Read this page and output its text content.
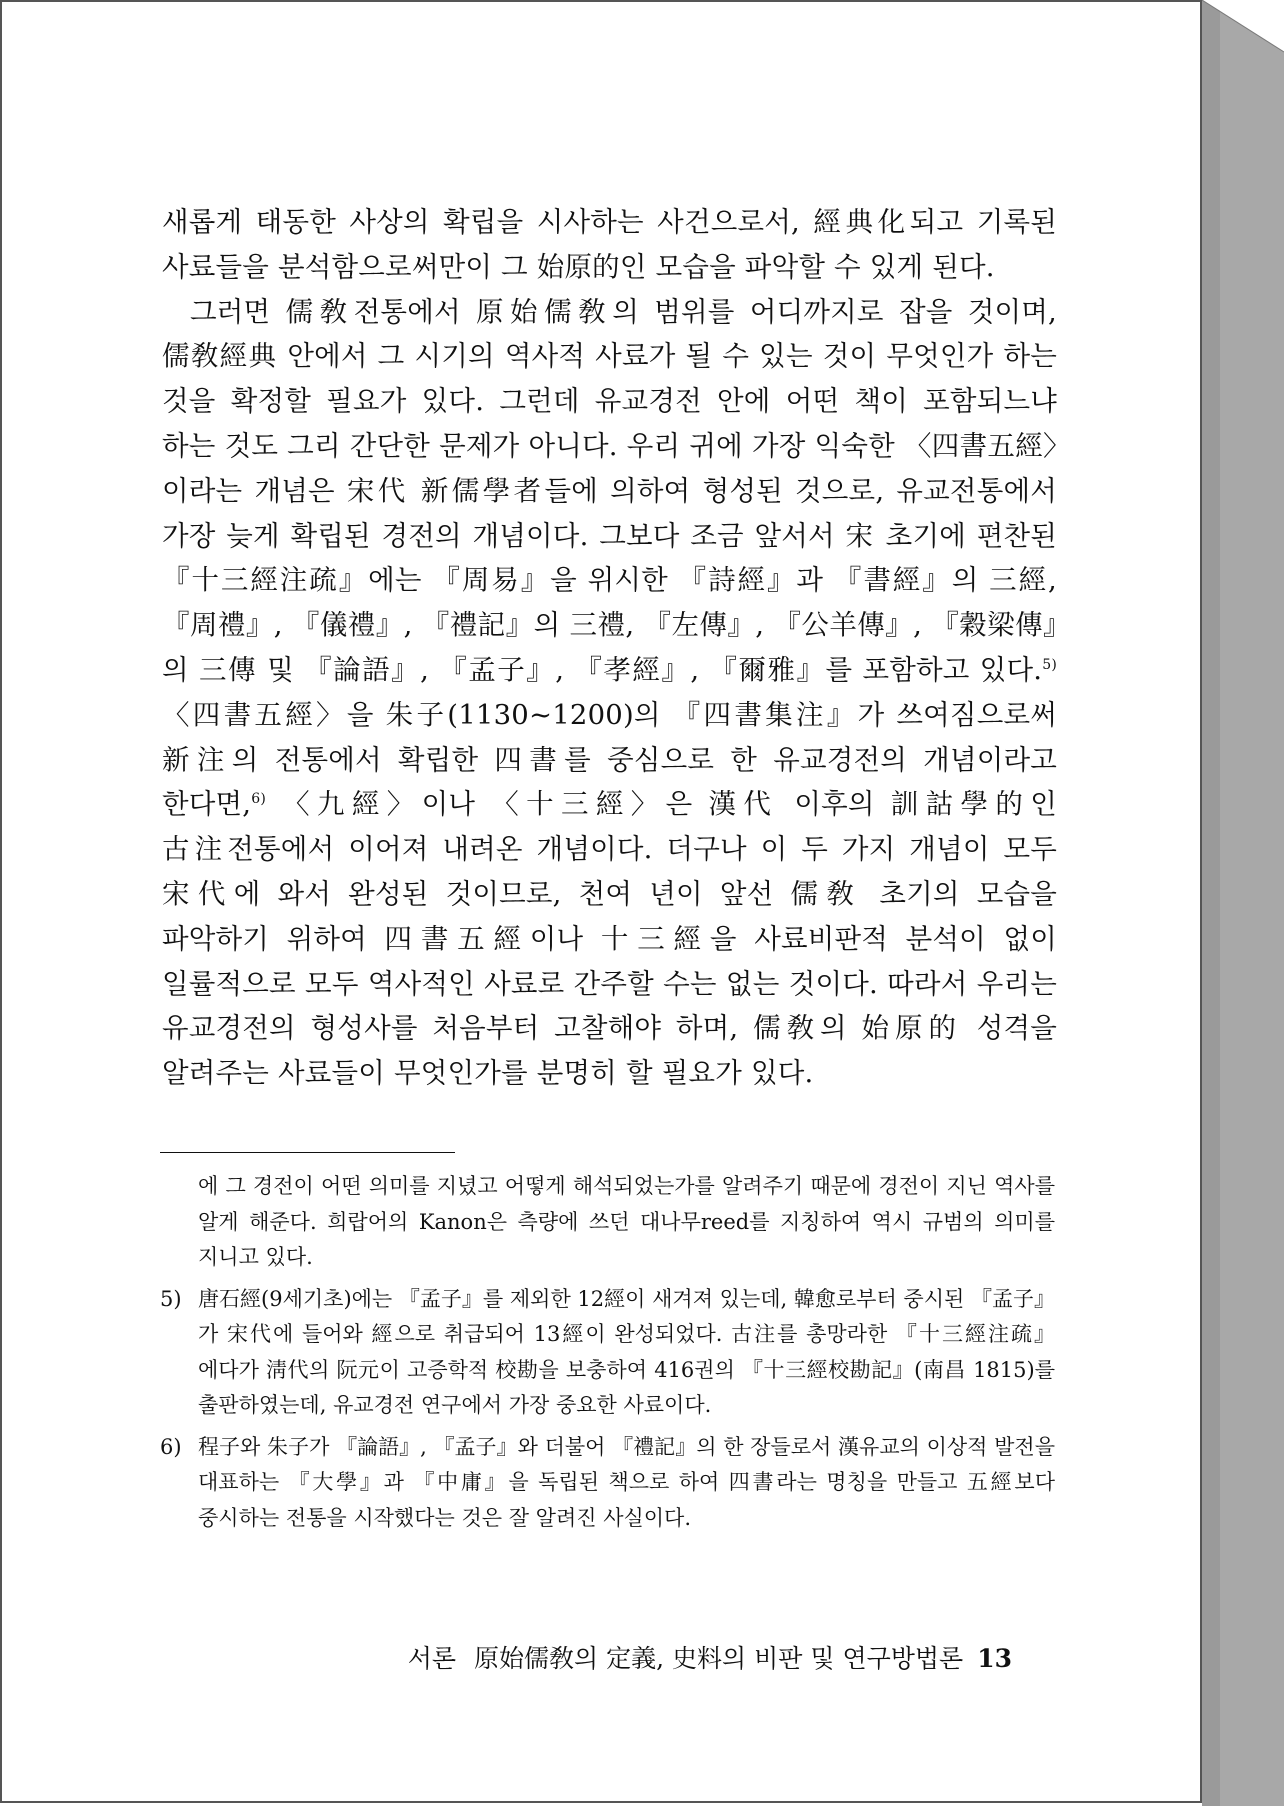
새롭게 태동한 사상의 확립을 시사하는 사건으로서, 經典化되고 기록된 사료들을 분석함으로써만이 그 始原的인 모습을 파악할 수 있게 된다.

그러면 儒敎전통에서 原始儒敎의 범위를 어디까지로 잡을 것이며, 儒敎經典 안에서 그 시기의 역사적 사료가 될 수 있는 것이 무엇인가 하는 것을 확정할 필요가 있다. 그런데 유교경전 안에 어떤 책이 포함되느냐 하는 것도 그리 간단한 문제가 아니다. 우리 귀에 가장 익숙한 〈四書五經〉이라는 개념은 宋代 新儒學者들에 의하여 형성된 것으로, 유교전통에서 가장 늦게 확립된 경전의 개념이다. 그보다 조금 앞서서 宋 초기에 편찬된 『十三經注疏』에는 『周易』을 위시한 『詩經』과 『書經』의 三經, 『周禮』, 『儀禮』, 『禮記』의 三禮, 『左傳』, 『公羊傳』, 『穀梁傳』의 三傳 및 『論語』, 『孟子』, 『孝經』, 『爾雅』를 포함하고 있다.$^{5)}$ 〈四書五經〉을 朱子(1130~1200)의 『四書集注』가 쓰여짐으로써 新注의 전통에서 확립한 四書를 중심으로 한 유교경전의 개념이라고 한다면,$^{6)}$ 〈九經〉이나 〈十三經〉은 漢代 이후의 訓詁學的인 古注전통에서 이어져 내려온 개념이다. 더구나 이 두 가지 개념이 모두 宋代에 와서 완성된 것이므로, 천여 년이 앞선 儒敎 초기의 모습을 파악하기 위하여 四書五經이나 十三經을 사료비판적 분석이 없이 일률적으로 모두 역사적인 사료로 간주할 수는 없는 것이다. 따라서 우리는 유교경전의 형성사를 처음부터 고찰해야 하며, 儒敎의 始原的 성격을 알려주는 사료들이 무엇인가를 분명히 할 필요가 있다.

에 그 경전이 어떤 의미를 지녔고 어떻게 해석되었는가를 알려주기 때문에 경전이 지닌 역사를 알게 해준다. 희랍어의 Kanon은 측량에 쓰던 대나무reed를 지칭하여 역시 규범의 의미를 지니고 있다.

5) 唐石經(9세기초)에는 『孟子』를 제외한 12經이 새겨져 있는데, 韓愈로부터 중시된 『孟子』가 宋代에 들어와 經으로 취급되어 13經이 완성되었다. 古注를 총망라한 『十三經注疏』에다가 淸代의 阮元이 고증학적 校勘을 보충하여 416권의 『十三經校勘記』(南昌 1815)를 출판하였는데, 유교경전 연구에서 가장 중요한 사료이다.

6) 程子와 朱子가 『論語』, 『孟子』와 더불어 『禮記』의 한 장들로서 漢유교의 이상적 발전을 대표하는 『大學』과 『中庸』을 독립된 책으로 하여 四書라는 명칭을 만들고 五經보다 중시하는 전통을 시작했다는 것은 잘 알려진 사실이다.

서론 原始儒敎의 定義, 史料의 비판 및 연구방법론 13
